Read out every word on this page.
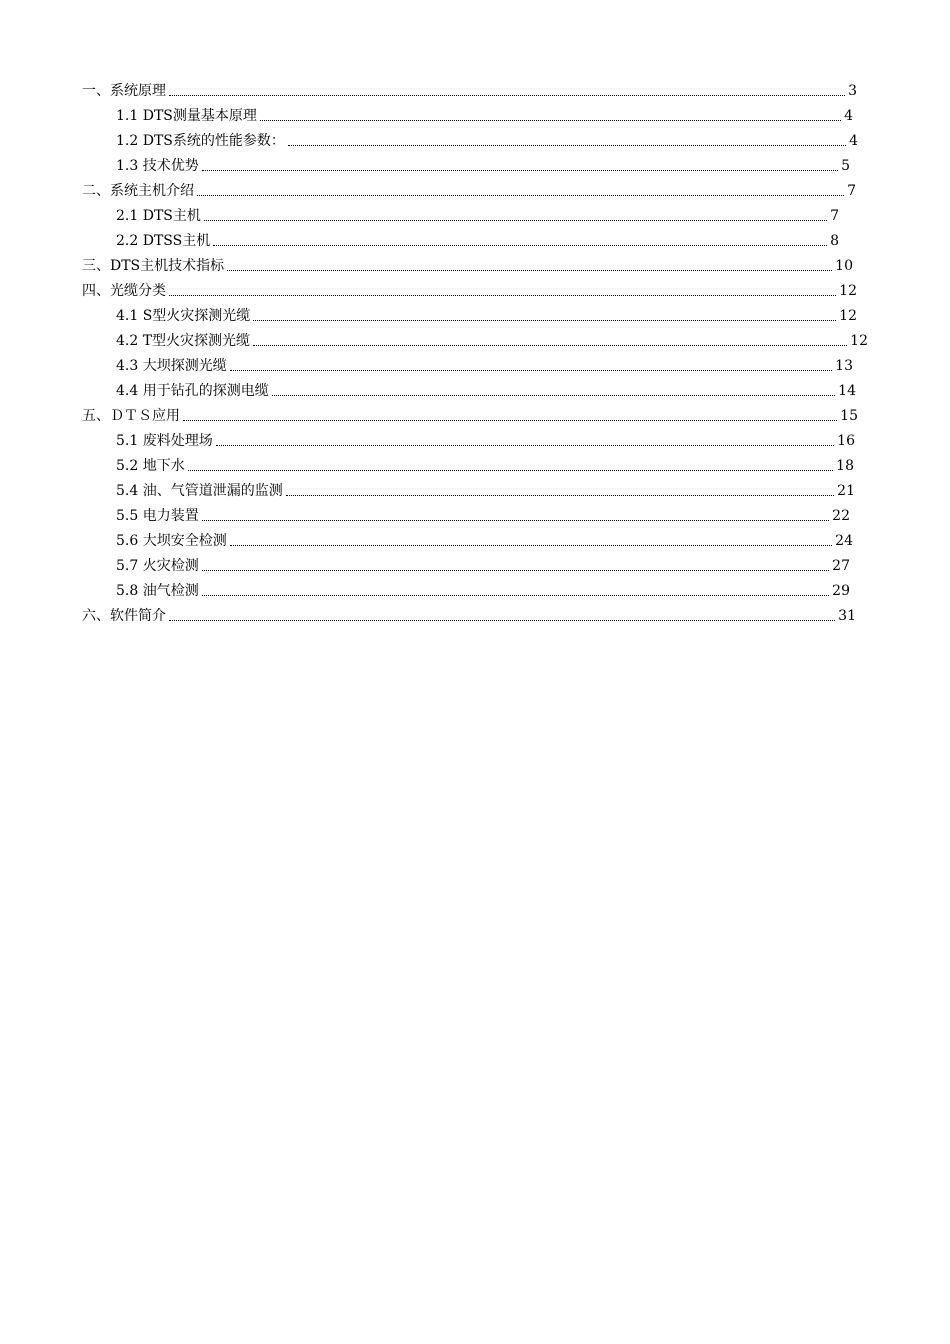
一、系统原理	3
1.1 DTS测量基本原理	4
1.2 DTS系统的性能参数：	4
1.3 技术优势	5
二、系统主机介绍	7
2.1 DTS主机	7
2.2 DTSS主机	8
三、DTS主机技术指标	10
四、光缆分类	12
4.1 S型火灾探测光缆	12
4.2 T型火灾探测光缆	12
4.3 大坝探测光缆	13
4.4 用于钻孔的探测电缆	14
五、ＤＴＳ应用	15
5.1 废料处理场	16
5.2 地下水	18
5.4 油、气管道泄漏的监测	21
5.5 电力装置	22
5.6 大坝安全检测	24
5.7 火灾检测	27
5.8 油气检测	29
六、软件简介	31
